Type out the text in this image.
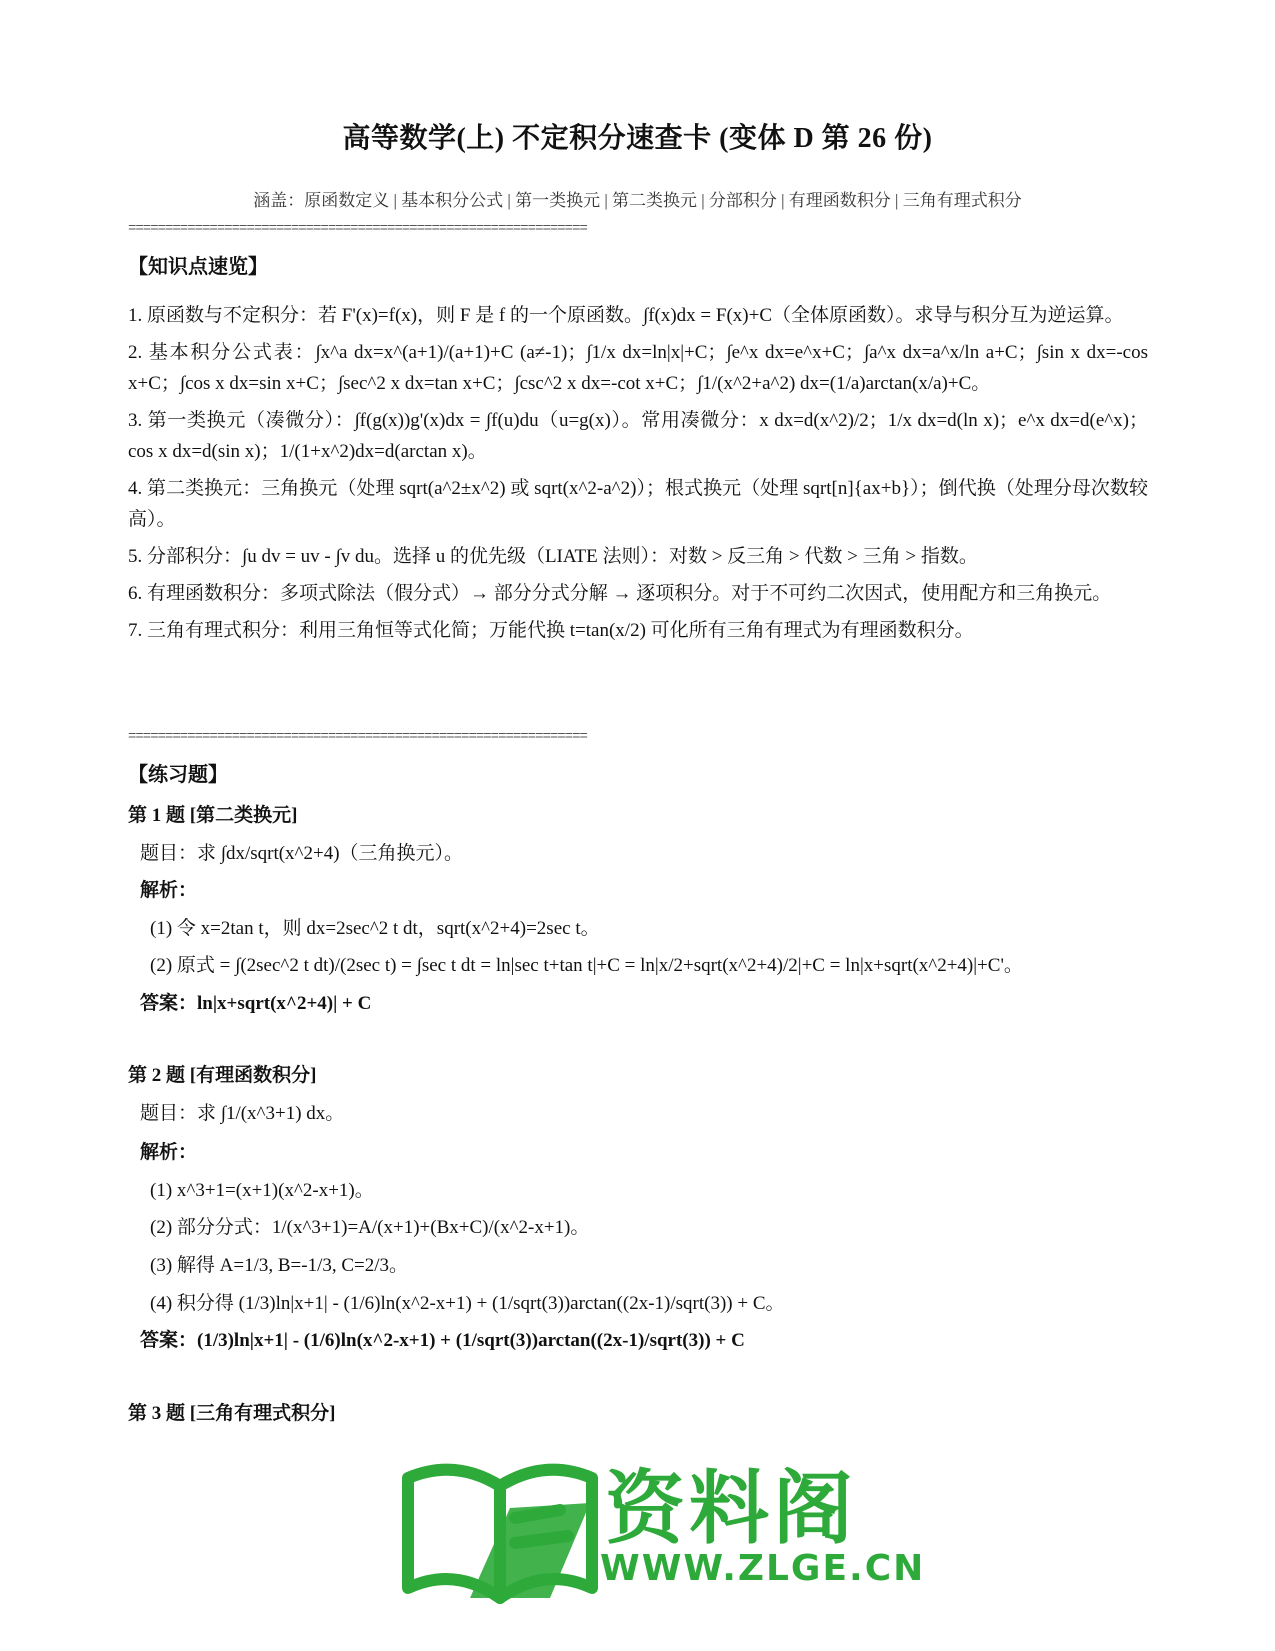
高等数学(上) 不定积分速查卡 (变体 D 第 26 份)
涵盖：原函数定义 | 基本积分公式 | 第一类换元 | 第二类换元 | 分部积分 | 有理函数积分 | 三角有理式积分
==============================================================
【知识点速览】

1. 原函数与不定积分：若 F'(x)=f(x)，则 F 是 f 的一个原函数。∫f(x)dx = F(x)+C（全体原函数）。求导与积分互为逆运算。

2. 基本积分公式表：∫x^a dx=x^(a+1)/(a+1)+C (a≠-1)；∫1/x dx=ln|x|+C；∫e^x dx=e^x+C；∫a^x dx=a^x/ln a+C；∫sin x dx=-cos x+C；∫cos x dx=sin x+C；∫sec^2 x dx=tan x+C；∫csc^2 x dx=-cot x+C；∫1/(x^2+a^2) dx=(1/a)arctan(x/a)+C。

3. 第一类换元（凑微分）：∫f(g(x))g'(x)dx = ∫f(u)du（u=g(x)）。常用凑微分：x dx=d(x^2)/2；1/x dx=d(ln x)；e^x dx=d(e^x)；cos x dx=d(sin x)；1/(1+x^2)dx=d(arctan x)。

4. 第二类换元：三角换元（处理 sqrt(a^2±x^2) 或 sqrt(x^2-a^2)）；根式换元（处理 sqrt[n]{ax+b}）；倒代换（处理分母次数较高）。

5. 分部积分：∫u dv = uv - ∫v du。选择 u 的优先级（LIATE 法则）：对数 > 反三角 > 代数 > 三角 > 指数。

6. 有理函数积分：多项式除法（假分式）→ 部分分式分解 → 逐项积分。对于不可约二次因式，使用配方和三角换元。

7. 三角有理式积分：利用三角恒等式化简；万能代换 t=tan(x/2) 可化所有三角有理式为有理函数积分。

==============================================================
【练习题】
第 1 题 [第二类换元]
题目：求 ∫dx/sqrt(x^2+4)（三角换元）。
解析：
(1) 令 x=2tan t，则 dx=2sec^2 t dt，sqrt(x^2+4)=2sec t。
(2) 原式 = ∫(2sec^2 t dt)/(2sec t) = ∫sec t dt = ln|sec t+tan t|+C = ln|x/2+sqrt(x^2+4)/2|+C = ln|x+sqrt(x^2+4)|+C'。
答案：ln|x+sqrt(x^2+4)| + C
第 2 题 [有理函数积分]
题目：求 ∫1/(x^3+1) dx。
解析：
(1) x^3+1=(x+1)(x^2-x+1)。
(2) 部分分式：1/(x^3+1)=A/(x+1)+(Bx+C)/(x^2-x+1)。
(3) 解得 A=1/3, B=-1/3, C=2/3。
(4) 积分得 (1/3)ln|x+1| - (1/6)ln(x^2-x+1) + (1/sqrt(3))arctan((2x-1)/sqrt(3)) + C。
答案：(1/3)ln|x+1| - (1/6)ln(x^2-x+1) + (1/sqrt(3))arctan((2x-1)/sqrt(3)) + C
第 3 题 [三角有理式积分]
资料阁
WWW.ZLGE.CN
